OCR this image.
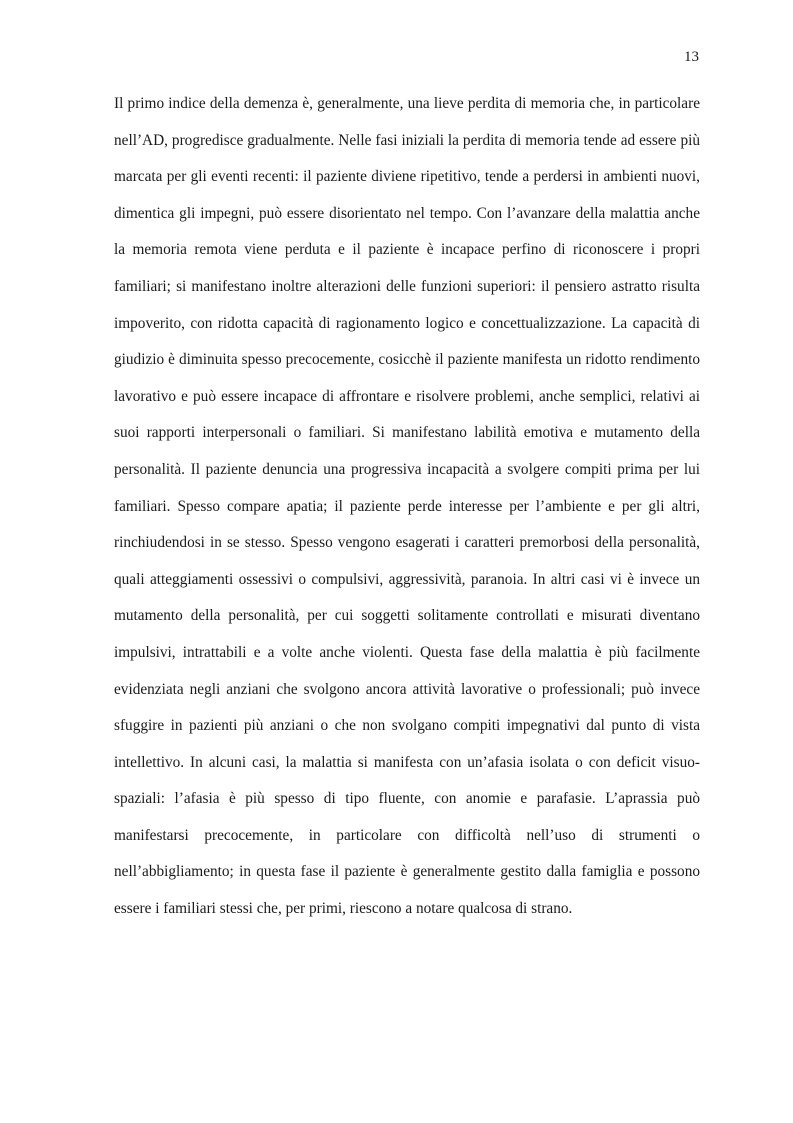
13

Il primo indice della demenza è, generalmente, una lieve perdita di memoria che, in particolare nell’AD, progredisce gradualmente. Nelle fasi iniziali la perdita di memoria tende ad essere più marcata per gli eventi recenti: il paziente diviene ripetitivo, tende a perdersi in ambienti nuovi, dimentica gli impegni, può essere disorientato nel tempo. Con l’avanzare della malattia anche la memoria remota viene perduta e il paziente è incapace perfino di riconoscere i propri familiari; si manifestano inoltre alterazioni delle funzioni superiori: il pensiero astratto risulta impoverito, con ridotta capacità di ragionamento logico e concettualizzazione. La capacità di giudizio è diminuita spesso precocemente, cosicchè il paziente manifesta un ridotto rendimento lavorativo e può essere incapace di affrontare e risolvere problemi, anche semplici, relativi ai suoi rapporti interpersonali o familiari. Si manifestano labilità emotiva e mutamento della personalità. Il paziente denuncia una progressiva incapacità a svolgere compiti prima per lui familiari. Spesso compare apatia; il paziente perde interesse per l’ambiente e per gli altri, rinchiudendosi in se stesso. Spesso vengono esagerati i caratteri premorbosi della personalità, quali atteggiamenti ossessivi o compulsivi, aggressività, paranoia. In altri casi vi è invece un mutamento della personalità, per cui soggetti solitamente controllati e misurati diventano impulsivi, intrattabili e a volte anche violenti. Questa fase della malattia è più facilmente evidenziata negli anziani che svolgono ancora attività lavorative o professionali; può invece sfuggire in pazienti più anziani o che non svolgano compiti impegnativi dal punto di vista intellettivo. In alcuni casi, la malattia si manifesta con un’afasia isolata o con deficit visuo-spaziali: l’afasia è più spesso di tipo fluente, con anomie e parafasie. L’aprassia può manifestarsi precocemente, in particolare con difficoltà nell’uso di strumenti o nell’abbigliamento; in questa fase il paziente è generalmente gestito dalla famiglia e possono essere i familiari stessi che, per primi, riescono a notare qualcosa di strano.
